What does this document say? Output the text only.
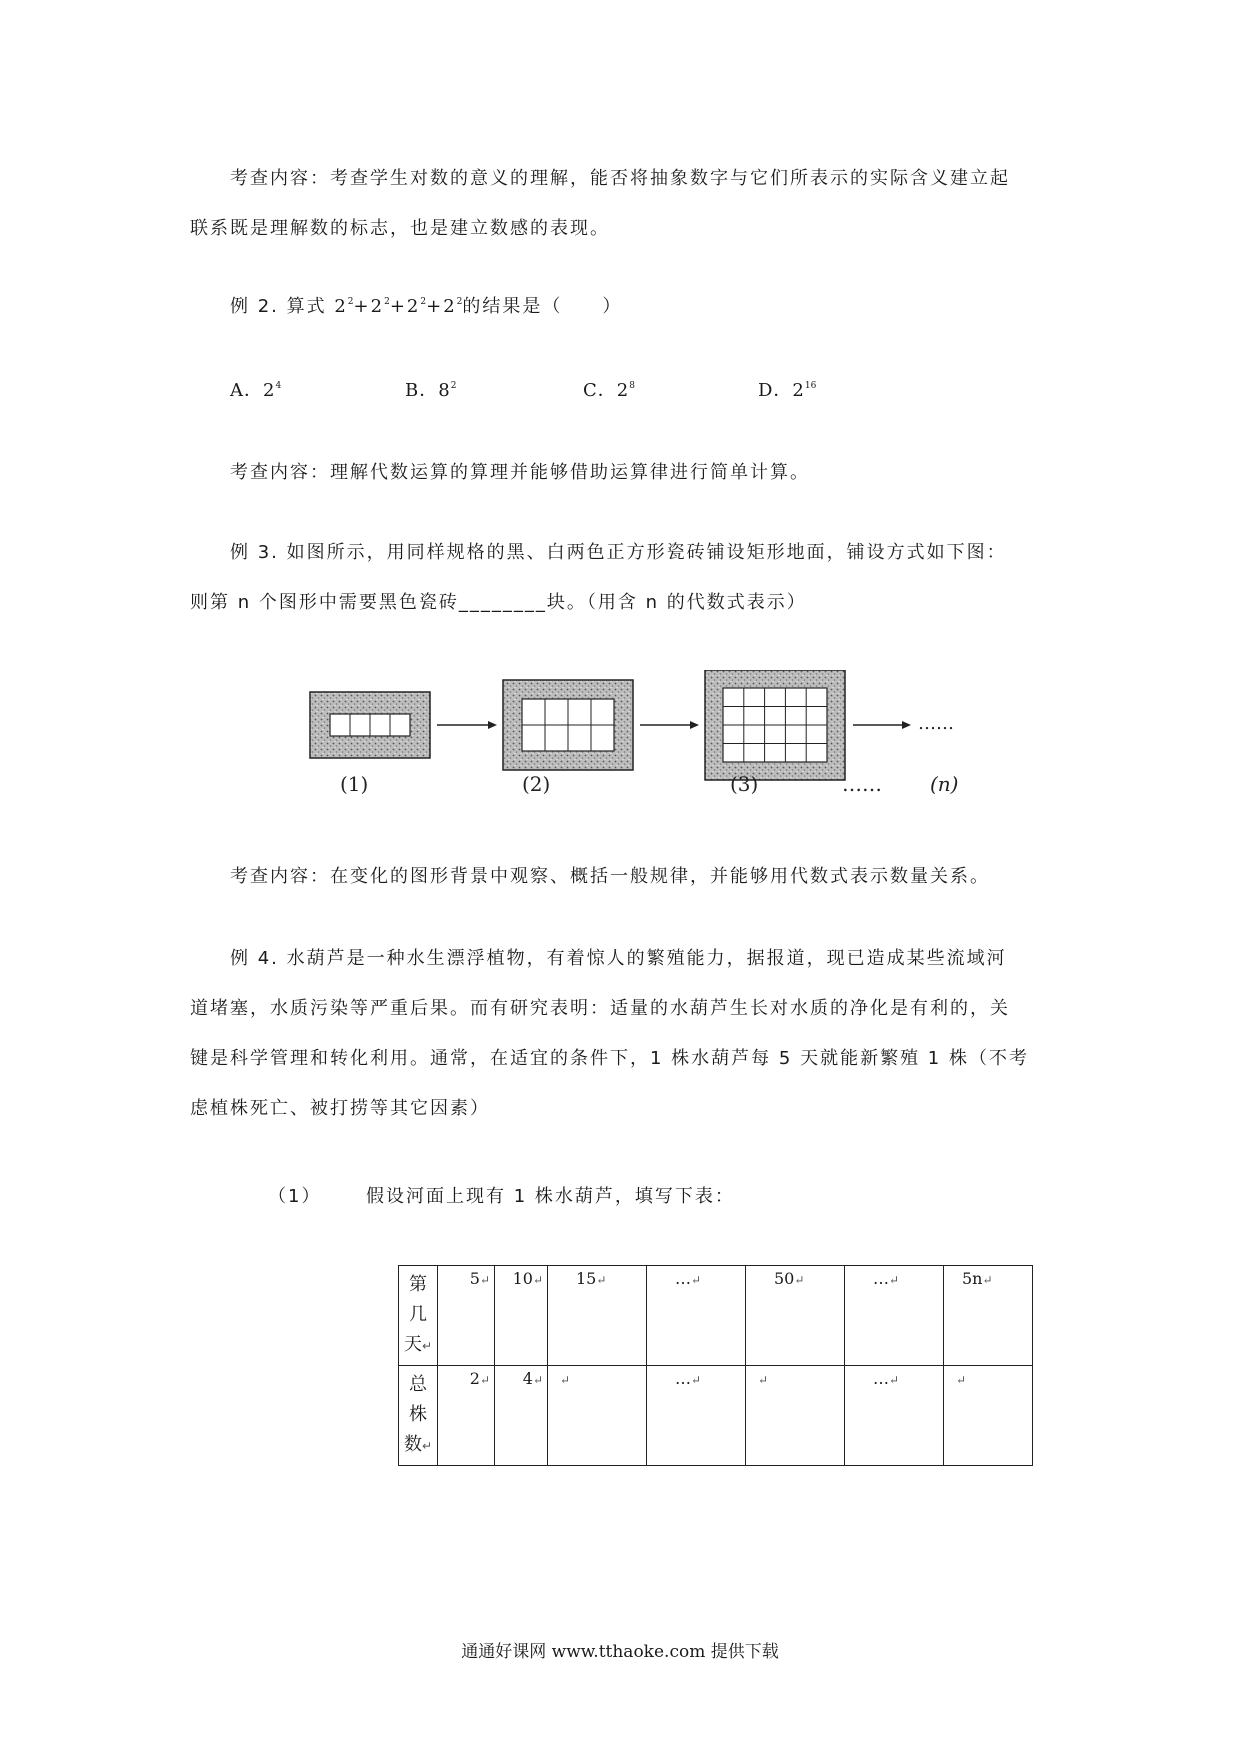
考查内容：考查学生对数的意义的理解，能否将抽象数字与它们所表示的实际含义建立起
联系既是理解数的标志，也是建立数感的表现。
例 2. 算式 $2^2+2^2+2^2+2^2$的结果是（　　）
A．$2^4$	B．$8^2$	C．$2^8$	D．$2^{16}$
考查内容：理解代数运算的算理并能够借助运算律进行简单计算。
例 3. 如图所示，用同样规格的黑、白两色正方形瓷砖铺设矩形地面，铺设方式如下图：
则第 n 个图形中需要黑色瓷砖________块。（用含 n 的代数式表示）
……
(1)	(2)	(3)	…… (n)
考查内容：在变化的图形背景中观察、概括一般规律，并能够用代数式表示数量关系。
例 4. 水葫芦是一种水生漂浮植物，有着惊人的繁殖能力，据报道，现已造成某些流域河
道堵塞，水质污染等严重后果。而有研究表明：适量的水葫芦生长对水质的净化是有利的，关
键是科学管理和转化利用。通常，在适宜的条件下，1 株水葫芦每 5 天就能新繁殖 1 株（不考
虑植株死亡、被打捞等其它因素）
（1） 假设河面上现有 1 株水葫芦，填写下表：
第
几
天↵	5↵	10↵	15↵	…↵	50↵	…↵	5n↵
总
株
数↵	2↵	4↵	↵	…↵	↵	…↵	↵
通通好课网 www.tthaoke.com 提供下载
